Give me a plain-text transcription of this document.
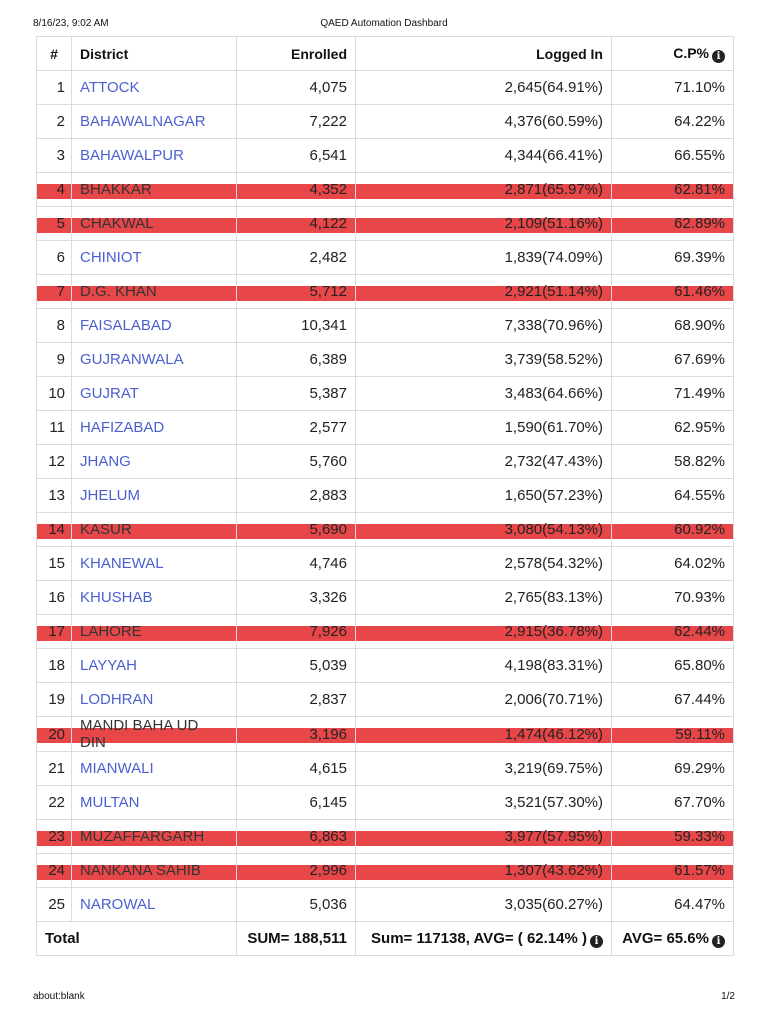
8/16/23, 9:02 AM	QAED Automation Dashbard
#	District	Enrolled	Logged In	C.P% i
1	ATTOCK	4,075	2,645(64.91%)	71.10%
2	BAHAWALNAGAR	7,222	4,376(60.59%)	64.22%
3	BAHAWALPUR	6,541	4,344(66.41%)	66.55%
4	BHAKKAR	4,352	2,871(65.97%)	62.81%
5	CHAKWAL	4,122	2,109(51.16%)	62.89%
6	CHINIOT	2,482	1,839(74.09%)	69.39%
7	D.G. KHAN	5,712	2,921(51.14%)	61.46%
8	FAISALABAD	10,341	7,338(70.96%)	68.90%
9	GUJRANWALA	6,389	3,739(58.52%)	67.69%
10	GUJRAT	5,387	3,483(64.66%)	71.49%
11	HAFIZABAD	2,577	1,590(61.70%)	62.95%
12	JHANG	5,760	2,732(47.43%)	58.82%
13	JHELUM	2,883	1,650(57.23%)	64.55%
14	KASUR	5,690	3,080(54.13%)	60.92%
15	KHANEWAL	4,746	2,578(54.32%)	64.02%
16	KHUSHAB	3,326	2,765(83.13%)	70.93%
17	LAHORE	7,926	2,915(36.78%)	62.44%
18	LAYYAH	5,039	4,198(83.31%)	65.80%
19	LODHRAN	2,837	2,006(70.71%)	67.44%
20	MANDI BAHA UD DIN	3,196	1,474(46.12%)	59.11%
21	MIANWALI	4,615	3,219(69.75%)	69.29%
22	MULTAN	6,145	3,521(57.30%)	67.70%
23	MUZAFFARGARH	6,863	3,977(57.95%)	59.33%
24	NANKANA SAHIB	2,996	1,307(43.62%)	61.57%
25	NAROWAL	5,036	3,035(60.27%)	64.47%
Total		SUM= 188,511	Sum= 117138, AVG= ( 62.14% ) i	AVG= 65.6% i
about:blank	1/2
